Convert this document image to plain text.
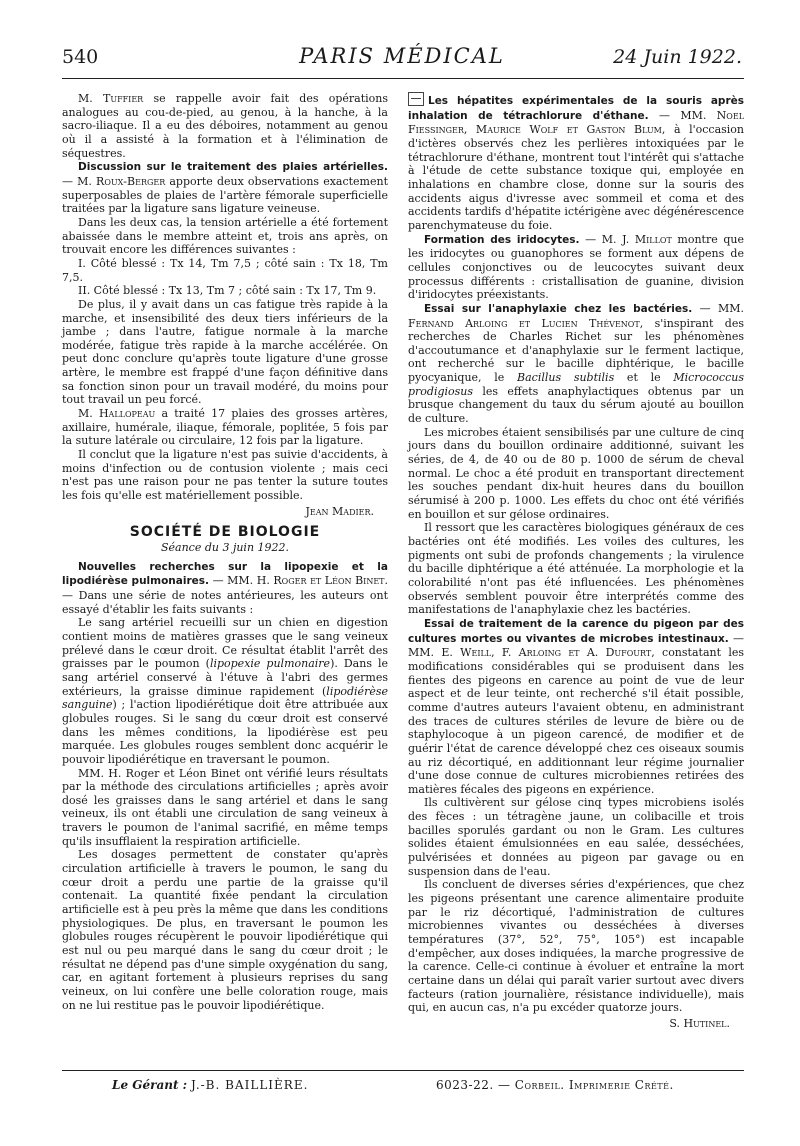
540	PARIS MÉDICAL	24 Juin 1922.

M. Tuffier se rappelle avoir fait des opérations analogues au cou-de-pied, au genou, à la hanche, à la sacro-iliaque. Il a eu des déboires, notamment au genou où il a assisté à la formation et à l'élimination de séquestres.

Discussion sur le traitement des plaies artérielles. — M. Roux-Berger apporte deux observations exactement superposables de plaies de l'artère fémorale superficielle traitées par la ligature sans ligature veineuse.

Dans les deux cas, la tension artérielle a été fortement abaissée dans le membre atteint et, trois ans après, on trouvait encore les différences suivantes :

I. Côté blessé : Tx 14, Tm 7,5 ; côté sain : Tx 18, Tm 7,5.

II. Côté blessé : Tx 13, Tm 7 ; côté sain : Tx 17, Tm 9.

De plus, il y avait dans un cas fatigue très rapide à la marche, et insensibilité des deux tiers inférieurs de la jambe ; dans l'autre, fatigue normale à la marche modérée, fatigue très rapide à la marche accélérée. On peut donc conclure qu'après toute ligature d'une grosse artère, le membre est frappé d'une façon définitive dans sa fonction sinon pour un travail modéré, du moins pour tout travail un peu forcé.

M. Hallopeau a traité 17 plaies des grosses artères, axillaire, humérale, iliaque, fémorale, poplitée, 5 fois par la suture latérale ou circulaire, 12 fois par la ligature.

Il conclut que la ligature n'est pas suivie d'accidents, à moins d'infection ou de contusion violente ; mais ceci n'est pas une raison pour ne pas tenter la suture toutes les fois qu'elle est matériellement possible.

Jean Madier.

SOCIÉTÉ DE BIOLOGIE
Séance du 3 juin 1922.

Nouvelles recherches sur la lipopexie et la lipodiérèse pulmonaires. — MM. H. Roger et Léon Binet. — Dans une série de notes antérieures, les auteurs ont essayé d'établir les faits suivants :

Le sang artériel recueilli sur un chien en digestion contient moins de matières grasses que le sang veineux prélevé dans le cœur droit. Ce résultat établit l'arrêt des graisses par le poumon (lipopexie pulmonaire). Dans le sang artériel conservé à l'étuve à l'abri des germes extérieurs, la graisse diminue rapidement (lipodiérèse sanguine) ; l'action lipodiérétique doit être attribuée aux globules rouges. Si le sang du cœur droit est conservé dans les mêmes conditions, la lipodiérèse est peu marquée. Les globules rouges semblent donc acquérir le pouvoir lipodiérétique en traversant le poumon.

MM. H. Roger et Léon Binet ont vérifié leurs résultats par la méthode des circulations artificielles ; après avoir dosé les graisses dans le sang artériel et dans le sang veineux, ils ont établi une circulation de sang veineux à travers le poumon de l'animal sacrifié, en même temps qu'ils insufflaient la respiration artificielle.

Les dosages permettent de constater qu'après circulation artificielle à travers le poumon, le sang du cœur droit a perdu une partie de la graisse qu'il contenait. La quantité fixée pendant la circulation artificielle est à peu près la même que dans les conditions physiologiques. De plus, en traversant le poumon les globules rouges récupèrent le pouvoir lipodiérétique qui est nul ou peu marqué dans le sang du cœur droit ; le résultat ne dépend pas d'une simple oxygénation du sang, car, en agitant fortement à plusieurs reprises du sang veineux, on lui confère une belle coloration rouge, mais on ne lui restitue pas le pouvoir lipodiérétique.

Les hépatites expérimentales de la souris après inhalation de tétrachlorure d'éthane. — MM. Noel Fiessinger, Maurice Wolf et Gaston Blum, à l'occasion d'ictères observés chez les perlières intoxiquées par le tétrachlorure d'éthane, montrent tout l'intérêt qui s'attache à l'étude de cette substance toxique qui, employée en inhalations en chambre close, donne sur la souris des accidents aigus d'ivresse avec sommeil et coma et des accidents tardifs d'hépatite ictérigène avec dégénérescence parenchymateuse du foie.

Formation des iridocytes. — M. J. Millot montre que les iridocytes ou guanophores se forment aux dépens de cellules conjonctives ou de leucocytes suivant deux processus différents : cristallisation de guanine, division d'iridocytes préexistants.

Essai sur l'anaphylaxie chez les bactéries. — MM. Fernand Arloing et Lucien Thévenot, s'inspirant des recherches de Charles Richet sur les phénomènes d'accoutumance et d'anaphylaxie sur le ferment lactique, ont recherché sur le bacille diphtérique, le bacille pyocyanique, le Bacillus subtilis et le Micrococcus prodigiosus les effets anaphylactiques obtenus par un brusque changement du taux du sérum ajouté au bouillon de culture.

Les microbes étaient sensibilisés par une culture de cinq jours dans du bouillon ordinaire additionné, suivant les séries, de 4, de 40 ou de 80 p. 1000 de sérum de cheval normal. Le choc a été produit en transportant directement les souches pendant dix-huit heures dans du bouillon sérumisé à 200 p. 1000. Les effets du choc ont été vérifiés en bouillon et sur gélose ordinaires.

Il ressort que les caractères biologiques généraux de ces bactéries ont été modifiés. Les voiles des cultures, les pigments ont subi de profonds changements ; la virulence du bacille diphtérique a été atténuée. La morphologie et la colorabilité n'ont pas été influencées. Les phénomènes observés semblent pouvoir être interprétés comme des manifestations de l'anaphylaxie chez les bactéries.

Essai de traitement de la carence du pigeon par des cultures mortes ou vivantes de microbes intestinaux. — MM. E. Weill, F. Arloing et A. Dufourt, constatant les modifications considérables qui se produisent dans les fientes des pigeons en carence au point de vue de leur aspect et de leur teinte, ont recherché s'il était possible, comme d'autres auteurs l'avaient obtenu, en administrant des traces de cultures stériles de levure de bière ou de staphylocoque à un pigeon carencé, de modifier et de guérir l'état de carence développé chez ces oiseaux soumis au riz décortiqué, en additionnant leur régime journalier d'une dose connue de cultures microbiennes retirées des matières fécales des pigeons en expérience.

Ils cultivèrent sur gélose cinq types microbiens isolés des fèces : un tétragène jaune, un colibacille et trois bacilles sporulés gardant ou non le Gram. Les cultures solides étaient émulsionnées en eau salée, desséchées, pulvérisées et données au pigeon par gavage ou en suspension dans de l'eau.

Ils concluent de diverses séries d'expériences, que chez les pigeons présentant une carence alimentaire produite par le riz décortiqué, l'administration de cultures microbiennes vivantes ou desséchées à diverses températures (37°, 52°, 75°, 105°) est incapable d'empêcher, aux doses indiquées, la marche progressive de la carence. Celle-ci continue à évoluer et entraîne la mort certaine dans un délai qui paraît varier surtout avec divers facteurs (ration journalière, résistance individuelle), mais qui, en aucun cas, n'a pu excéder quatorze jours.

S. Hutinel.

Le Gérant : J.-B. BAILLIÈRE.	6023-22. — Corbeil. Imprimerie Crété.
